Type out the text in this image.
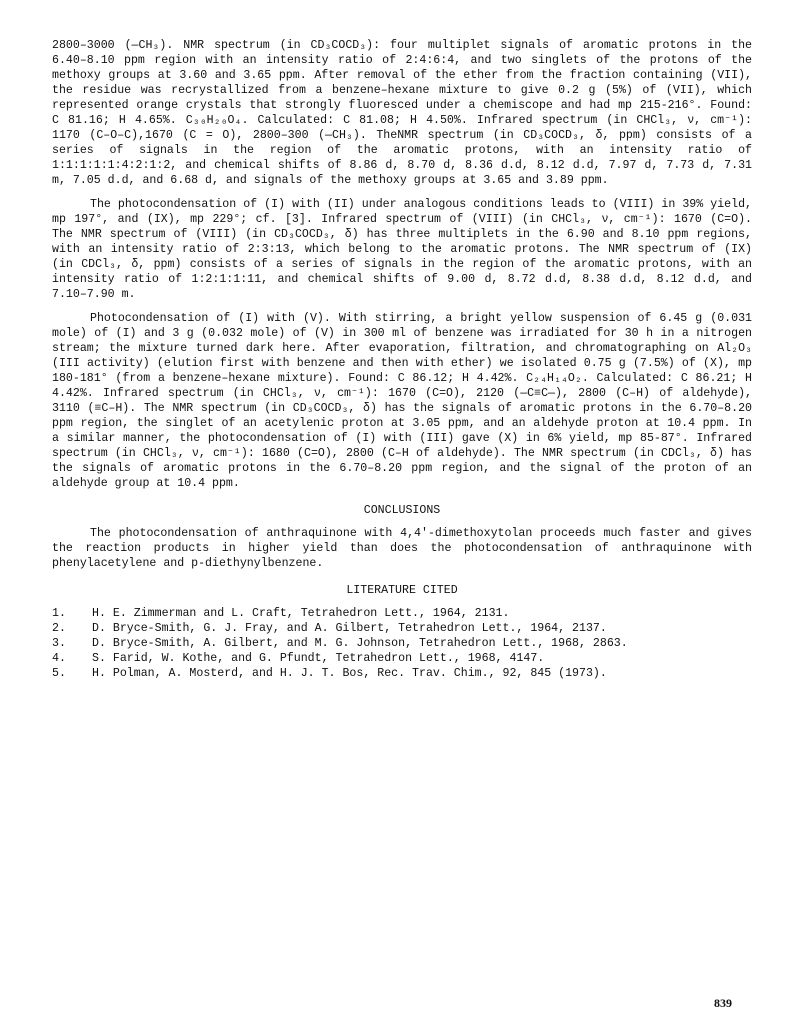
2800–3000 (—CH₃). NMR spectrum (in CD₃COCD₃): four multiplet signals of aromatic protons in the 6.40–8.10 ppm region with an intensity ratio of 2:4:6:4, and two singlets of the protons of the methoxy groups at 3.60 and 3.65 ppm. After removal of the ether from the fraction containing (VII), the residue was recrystallized from a benzene–hexane mixture to give 0.2 g (5%) of (VII), which represented orange crystals that strongly fluoresced under a chemiscope and had mp 215-216°. Found: C 81.16; H 4.65%. C₃₀H₂₀O₄. Calculated: C 81.08; H 4.50%. Infrared spectrum (in CHCl₃, ν, cm⁻¹): 1170 (C–O–C),1670 (C = O), 2800–300 (—CH₃). TheNMR spectrum (in CD₃COCD₃, δ, ppm) consists of a series of signals in the region of the aromatic protons, with an intensity ratio of 1:1:1:1:1:4:2:1:2, and chemical shifts of 8.86 d, 8.70 d, 8.36 d.d, 8.12 d.d, 7.97 d, 7.73 d, 7.31 m, 7.05 d.d, and 6.68 d, and signals of the methoxy groups at 3.65 and 3.89 ppm.

The photocondensation of (I) with (II) under analogous conditions leads to (VIII) in 39% yield, mp 197°, and (IX), mp 229°; cf. [3]. Infrared spectrum of (VIII) (in CHCl₃, ν, cm⁻¹): 1670 (C=O). The NMR spectrum of (VIII) (in CD₃COCD₃, δ) has three multiplets in the 6.90 and 8.10 ppm regions, with an intensity ratio of 2:3:13, which belong to the aromatic protons. The NMR spectrum of (IX) (in CDCl₃, δ, ppm) consists of a series of signals in the region of the aromatic protons, with an intensity ratio of 1:2:1:1:11, and chemical shifts of 9.00 d, 8.72 d.d, 8.38 d.d, 8.12 d.d, and 7.10–7.90 m.

Photocondensation of (I) with (V). With stirring, a bright yellow suspension of 6.45 g (0.031 mole) of (I) and 3 g (0.032 mole) of (V) in 300 ml of benzene was irradiated for 30 h in a nitrogen stream; the mixture turned dark here. After evaporation, filtration, and chromatographing on Al₂O₃ (III activity) (elution first with benzene and then with ether) we isolated 0.75 g (7.5%) of (X), mp 180-181° (from a benzene–hexane mixture). Found: C 86.12; H 4.42%. C₂₄H₁₄O₂. Calculated: C 86.21; H 4.42%. Infrared spectrum (in CHCl₃, ν, cm⁻¹): 1670 (C=O), 2120 (—C≡C—), 2800 (C–H) of aldehyde), 3110 (≡C–H). The NMR spectrum (in CD₃COCD₃, δ) has the signals of aromatic protons in the 6.70–8.20 ppm region, the singlet of an acetylenic proton at 3.05 ppm, and an aldehyde proton at 10.4 ppm. In a similar manner, the photocondensation of (I) with (III) gave (X) in 6% yield, mp 85-87°. Infrared spectrum (in CHCl₃, ν, cm⁻¹): 1680 (C=O), 2800 (C–H of aldehyde). The NMR spectrum (in CDCl₃, δ) has the signals of aromatic protons in the 6.70–8.20 ppm region, and the signal of the proton of an aldehyde group at 10.4 ppm.

CONCLUSIONS

The photocondensation of anthraquinone with 4,4'-dimethoxytolan proceeds much faster and gives the reaction products in higher yield than does the photocondensation of anthraquinone with phenylacetylene and p-diethynylbenzene.

LITERATURE CITED
1.	H. E. Zimmerman and L. Craft, Tetrahedron Lett., 1964, 2131.
2.	D. Bryce-Smith, G. J. Fray, and A. Gilbert, Tetrahedron Lett., 1964, 2137.
3.	D. Bryce-Smith, A. Gilbert, and M. G. Johnson, Tetrahedron Lett., 1968, 2863.
4.	S. Farid, W. Kothe, and G. Pfundt, Tetrahedron Lett., 1968, 4147.
5.	H. Polman, A. Mosterd, and H. J. T. Bos, Rec. Trav. Chim., 92, 845 (1973).
839
